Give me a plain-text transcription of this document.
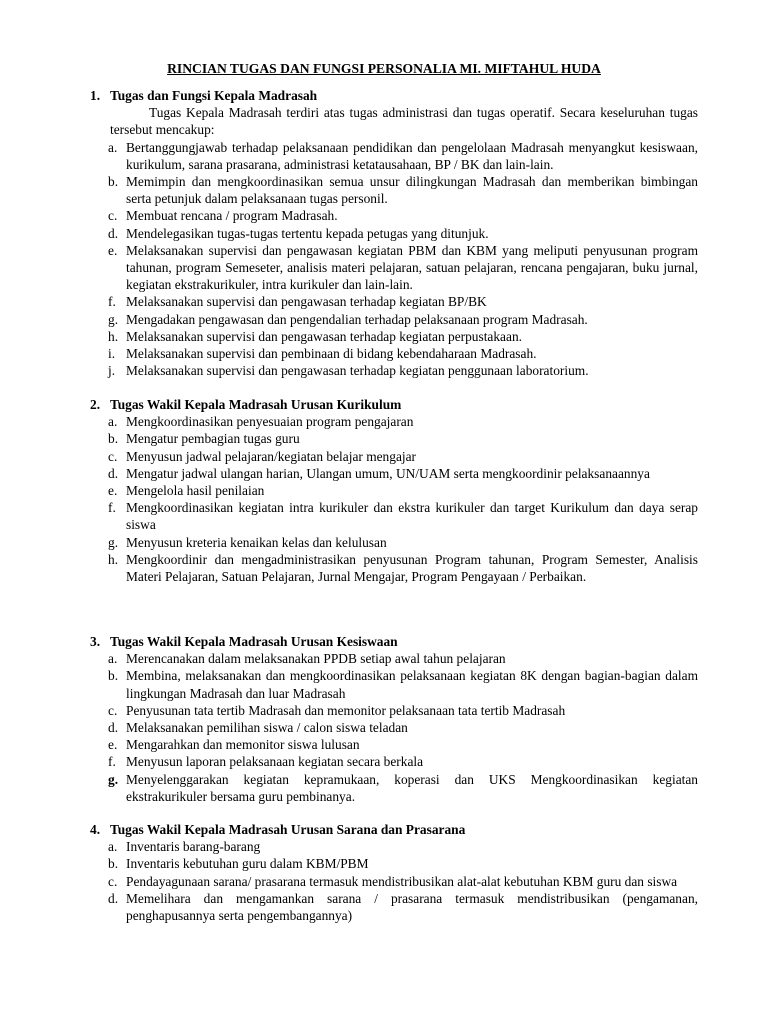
RINCIAN TUGAS DAN FUNGSI PERSONALIA MI. MIFTAHUL HUDA
1. Tugas dan Fungsi Kepala Madrasah
Tugas Kepala Madrasah terdiri atas tugas administrasi dan tugas operatif. Secara keseluruhan tugas tersebut mencakup:
a. Bertanggungjawab terhadap pelaksanaan pendidikan dan pengelolaan Madrasah menyangkut kesiswaan, kurikulum, sarana prasarana, administrasi ketatausahaan, BP / BK dan lain-lain.
b. Memimpin dan mengkoordinasikan semua unsur dilingkungan Madrasah dan memberikan bimbingan serta petunjuk dalam pelaksanaan tugas personil.
c. Membuat rencana / program Madrasah.
d. Mendelegasikan tugas-tugas tertentu kepada petugas yang ditunjuk.
e. Melaksanakan supervisi dan pengawasan kegiatan PBM dan KBM yang meliputi penyusunan program tahunan, program Semeseter, analisis materi pelajaran, satuan pelajaran, rencana pengajaran, buku jurnal, kegiatan ekstrakurikuler, intra kurikuler dan lain-lain.
f. Melaksanakan supervisi dan pengawasan terhadap kegiatan BP/BK
g. Mengadakan pengawasan dan pengendalian terhadap pelaksanaan program Madrasah.
h. Melaksanakan supervisi dan pengawasan terhadap kegiatan perpustakaan.
i. Melaksanakan supervisi dan pembinaan di bidang kebendaharaan Madrasah.
j. Melaksanakan supervisi dan pengawasan terhadap kegiatan penggunaan laboratorium.
2. Tugas Wakil Kepala Madrasah Urusan Kurikulum
a. Mengkoordinasikan penyesuaian program pengajaran
b. Mengatur pembagian tugas guru
c. Menyusun jadwal pelajaran/kegiatan belajar mengajar
d. Mengatur jadwal ulangan harian, Ulangan umum, UN/UAM serta mengkoordinir pelaksanaannya
e. Mengelola hasil penilaian
f. Mengkoordinasikan kegiatan intra kurikuler dan ekstra kurikuler dan target Kurikulum dan daya serap siswa
g. Menyusun kreteria kenaikan kelas dan kelulusan
h. Mengkoordinir dan mengadministrasikan penyusunan Program tahunan, Program Semester, Analisis Materi Pelajaran, Satuan Pelajaran, Jurnal Mengajar, Program Pengayaan / Perbaikan.
3. Tugas Wakil Kepala Madrasah Urusan Kesiswaan
a. Merencanakan dalam melaksanakan PPDB setiap awal tahun pelajaran
b. Membina, melaksanakan dan mengkoordinasikan pelaksanaan kegiatan 8K dengan bagian-bagian dalam lingkungan Madrasah dan luar Madrasah
c. Penyusunan tata tertib Madrasah dan memonitor pelaksanaan tata tertib Madrasah
d. Melaksanakan pemilihan siswa / calon siswa teladan
e. Mengarahkan dan memonitor siswa lulusan
f. Menyusun laporan pelaksanaan kegiatan secara berkala
g. Menyelenggarakan kegiatan kepramukaan, koperasi dan UKS Mengkoordinasikan kegiatan ekstrakurikuler bersama guru pembinanya.
4. Tugas Wakil Kepala Madrasah Urusan Sarana dan Prasarana
a. Inventaris barang-barang
b. Inventaris kebutuhan guru dalam KBM/PBM
c. Pendayagunaan sarana/ prasarana termasuk mendistribusikan alat-alat kebutuhan KBM guru dan siswa
d. Memelihara dan mengamankan sarana / prasarana termasuk mendistribusikan (pengamanan, penghapusannya serta pengembangannya)
